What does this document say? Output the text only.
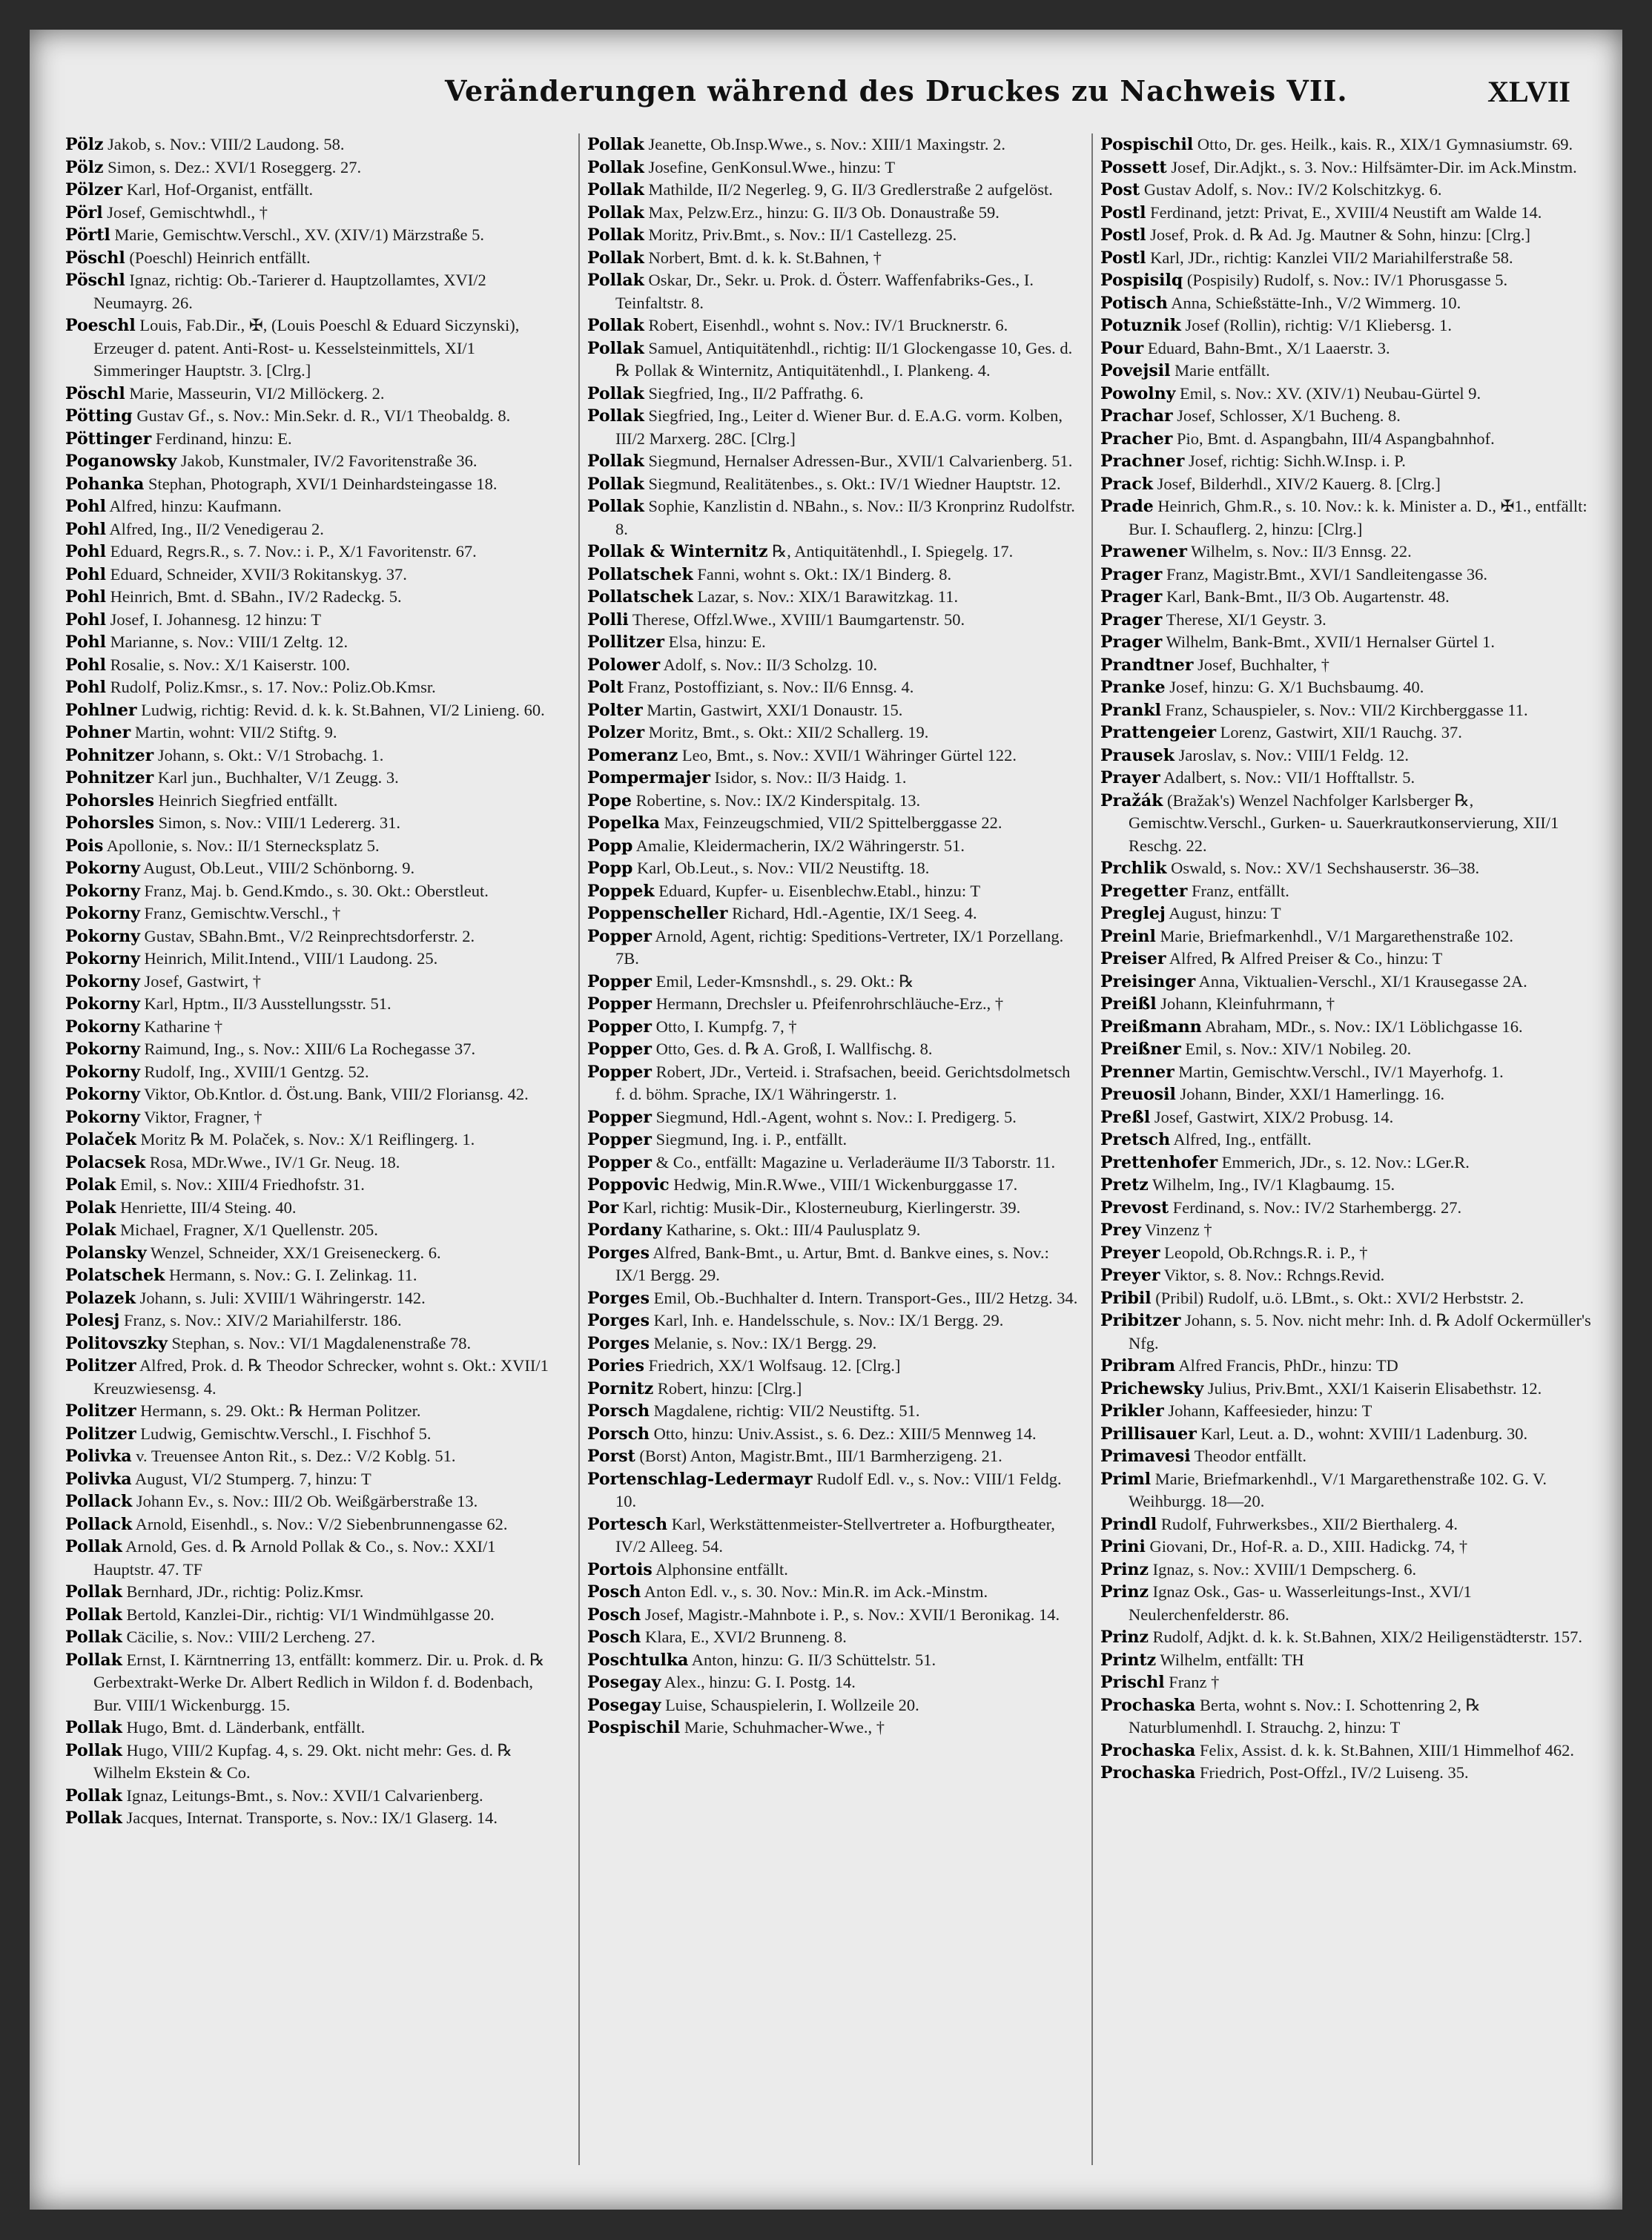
Veränderungen während des Druckes zu Nachweis VII.	XLVII

Pölz Jakob, s. Nov.: VIII/2 Laudong. 58.

Pölz Simon, s. Dez.: XVI/1 Roseggerg. 27.

Pölzer Karl, Hof-Organist, entfällt.

Pörl Josef, Gemischtwhdl., †

Pörtl Marie, Gemischtw.Verschl., XV. (XIV/1) Märzstraße 5.

Pöschl (Poeschl) Heinrich entfällt.

Pöschl Ignaz, richtig: Ob.-Tarierer d. Hauptzollamtes, XVI/2 Neumayrg. 26.

Poeschl Louis, Fab.Dir., ✠, (Louis Poeschl & Eduard Siczynski), Erzeuger d. patent. Anti-Rost- u. Kesselsteinmittels, XI/1 Simmeringer Hauptstr. 3. [Clrg.]

Pöschl Marie, Masseurin, VI/2 Millöckerg. 2.

Pötting Gustav Gf., s. Nov.: Min.Sekr. d. R., VI/1 Theobaldg. 8.

Pöttinger Ferdinand, hinzu: E.

Poganowsky Jakob, Kunstmaler, IV/2 Favoritenstraße 36.

Pohanka Stephan, Photograph, XVI/1 Deinhardsteingasse 18.

Pohl Alfred, hinzu: Kaufmann.

Pohl Alfred, Ing., II/2 Venedigerau 2.

Pohl Eduard, Regrs.R., s. 7. Nov.: i. P., X/1 Favoritenstr. 67.

Pohl Eduard, Schneider, XVII/3 Rokitanskyg. 37.

Pohl Heinrich, Bmt. d. SBahn., IV/2 Radeckg. 5.

Pohl Josef, I. Johannesg. 12 hinzu: T

Pohl Marianne, s. Nov.: VIII/1 Zeltg. 12.

Pohl Rosalie, s. Nov.: X/1 Kaiserstr. 100.

Pohl Rudolf, Poliz.Kmsr., s. 17. Nov.: Poliz.Ob.Kmsr.

Pohlner Ludwig, richtig: Revid. d. k. k. St.Bahnen, VI/2 Linieng. 60.

Pohner Martin, wohnt: VII/2 Stiftg. 9.

Pohnitzer Johann, s. Okt.: V/1 Strobachg. 1.

Pohnitzer Karl jun., Buchhalter, V/1 Zeugg. 3.

Pohorsles Heinrich Siegfried entfällt.

Pohorsles Simon, s. Nov.: VIII/1 Ledererg. 31.

Pois Apollonie, s. Nov.: II/1 Sternecksplatz 5.

Pokorny August, Ob.Leut., VIII/2 Schönborng. 9.

Pokorny Franz, Maj. b. Gend.Kmdo., s. 30. Okt.: Oberstleut.

Pokorny Franz, Gemischtw.Verschl., †

Pokorny Gustav, SBahn.Bmt., V/2 Reinprechtsdorferstr. 2.

Pokorny Heinrich, Milit.Intend., VIII/1 Laudong. 25.

Pokorny Josef, Gastwirt, †

Pokorny Karl, Hptm., II/3 Ausstellungsstr. 51.

Pokorny Katharine †

Pokorny Raimund, Ing., s. Nov.: XIII/6 La Rochegasse 37.

Pokorny Rudolf, Ing., XVIII/1 Gentzg. 52.

Pokorny Viktor, Ob.Kntlor. d. Öst.ung. Bank, VIII/2 Floriansg. 42.

Pokorny Viktor, Fragner, †

Polaček Moritz ℞ M. Polaček, s. Nov.: X/1 Reiflingerg. 1.

Polacsek Rosa, MDr.Wwe., IV/1 Gr. Neug. 18.

Polak Emil, s. Nov.: XIII/4 Friedhofstr. 31.

Polak Henriette, III/4 Steing. 40.

Polak Michael, Fragner, X/1 Quellenstr. 205.

Polansky Wenzel, Schneider, XX/1 Greiseneckerg. 6.

Polatschek Hermann, s. Nov.: G. I. Zelinkag. 11.

Polazek Johann, s. Juli: XVIII/1 Währingerstr. 142.

Polesj Franz, s. Nov.: XIV/2 Mariahilferstr. 186.

Politovszky Stephan, s. Nov.: VI/1 Magdalenenstraße 78.

Politzer Alfred, Prok. d. ℞ Theodor Schrecker, wohnt s. Okt.: XVII/1 Kreuzwiesensg. 4.

Politzer Hermann, s. 29. Okt.: ℞ Herman Politzer.

Politzer Ludwig, Gemischtw.Verschl., I. Fischhof 5.

Polivka v. Treuensee Anton Rit., s. Dez.: V/2 Koblg. 51.

Polivka August, VI/2 Stumperg. 7, hinzu: T

Pollack Johann Ev., s. Nov.: III/2 Ob. Weißgärberstraße 13.

Pollack Arnold, Eisenhdl., s. Nov.: V/2 Siebenbrunnengasse 62.

Pollak Arnold, Ges. d. ℞ Arnold Pollak & Co., s. Nov.: XXI/1 Hauptstr. 47. TF

Pollak Bernhard, JDr., richtig: Poliz.Kmsr.

Pollak Bertold, Kanzlei-Dir., richtig: VI/1 Windmühlgasse 20.

Pollak Cäcilie, s. Nov.: VIII/2 Lercheng. 27.

Pollak Ernst, I. Kärntnerring 13, entfällt: kommerz. Dir. u. Prok. d. ℞ Gerbextrakt-Werke Dr. Albert Redlich in Wildon f. d. Bodenbach, Bur. VIII/1 Wickenburgg. 15.

Pollak Hugo, Bmt. d. Länderbank, entfällt.

Pollak Hugo, VIII/2 Kupfag. 4, s. 29. Okt. nicht mehr: Ges. d. ℞ Wilhelm Ekstein & Co.

Pollak Ignaz, Leitungs-Bmt., s. Nov.: XVII/1 Calvarienberg.

Pollak Jacques, Internat. Transporte, s. Nov.: IX/1 Glaserg. 14.

Pollak Jeanette, Ob.Insp.Wwe., s. Nov.: XIII/1 Maxingstr. 2.

Pollak Josefine, GenKonsul.Wwe., hinzu: T

Pollak Mathilde, II/2 Negerleg. 9, G. II/3 Gredlerstraße 2 aufgelöst.

Pollak Max, Pelzw.Erz., hinzu: G. II/3 Ob. Donaustraße 59.

Pollak Moritz, Priv.Bmt., s. Nov.: II/1 Castellezg. 25.

Pollak Norbert, Bmt. d. k. k. St.Bahnen, †

Pollak Oskar, Dr., Sekr. u. Prok. d. Österr. Waffenfabriks-Ges., I. Teinfaltstr. 8.

Pollak Robert, Eisenhdl., wohnt s. Nov.: IV/1 Brucknerstr. 6.

Pollak Samuel, Antiquitätenhdl., richtig: II/1 Glockengasse 10, Ges. d. ℞ Pollak & Winternitz, Antiquitätenhdl., I. Plankeng. 4.

Pollak Siegfried, Ing., II/2 Paffrathg. 6.

Pollak Siegfried, Ing., Leiter d. Wiener Bur. d. E.A.G. vorm. Kolben, III/2 Marxerg. 28C. [Clrg.]

Pollak Siegmund, Hernalser Adressen-Bur., XVII/1 Calvarienberg. 51.

Pollak Siegmund, Realitätenbes., s. Okt.: IV/1 Wiedner Hauptstr. 12.

Pollak Sophie, Kanzlistin d. NBahn., s. Nov.: II/3 Kronprinz Rudolfstr. 8.

Pollak & Winternitz ℞, Antiquitätenhdl., I. Spiegelg. 17.

Pollatschek Fanni, wohnt s. Okt.: IX/1 Binderg. 8.

Pollatschek Lazar, s. Nov.: XIX/1 Barawitzkag. 11.

Polli Therese, Offzl.Wwe., XVIII/1 Baumgartenstr. 50.

Pollitzer Elsa, hinzu: E.

Polower Adolf, s. Nov.: II/3 Scholzg. 10.

Polt Franz, Postoffiziant, s. Nov.: II/6 Ennsg. 4.

Polter Martin, Gastwirt, XXI/1 Donaustr. 15.

Polzer Moritz, Bmt., s. Okt.: XII/2 Schallerg. 19.

Pomeranz Leo, Bmt., s. Nov.: XVII/1 Währinger Gürtel 122.

Pompermajer Isidor, s. Nov.: II/3 Haidg. 1.

Pope Robertine, s. Nov.: IX/2 Kinderspitalg. 13.

Popelka Max, Feinzeugschmied, VII/2 Spittelberggasse 22.

Popp Amalie, Kleidermacherin, IX/2 Währingerstr. 51.

Popp Karl, Ob.Leut., s. Nov.: VII/2 Neustiftg. 18.

Poppek Eduard, Kupfer- u. Eisenblechw.Etabl., hinzu: T

Poppenscheller Richard, Hdl.-Agentie, IX/1 Seeg. 4.

Popper Arnold, Agent, richtig: Speditions-Vertreter, IX/1 Porzellang. 7B.

Popper Emil, Leder-Kmsnshdl., s. 29. Okt.: ℞

Popper Hermann, Drechsler u. Pfeifenrohrschläuche-Erz., †

Popper Otto, I. Kumpfg. 7, †

Popper Otto, Ges. d. ℞ A. Groß, I. Wallfischg. 8.

Popper Robert, JDr., Verteid. i. Strafsachen, beeid. Gerichtsdolmetsch f. d. böhm. Sprache, IX/1 Währingerstr. 1.

Popper Siegmund, Hdl.-Agent, wohnt s. Nov.: I. Predigerg. 5.

Popper Siegmund, Ing. i. P., entfällt.

Popper & Co., entfällt: Magazine u. Verladeräume II/3 Taborstr. 11.

Poppovic Hedwig, Min.R.Wwe., VIII/1 Wickenburggasse 17.

Por Karl, richtig: Musik-Dir., Klosterneuburg, Kierlingerstr. 39.

Pordany Katharine, s. Okt.: III/4 Paulusplatz 9.

Porges Alfred, Bank-Bmt., u. Artur, Bmt. d. Bankve eines, s. Nov.: IX/1 Bergg. 29.

Porges Emil, Ob.-Buchhalter d. Intern. Transport-Ges., III/2 Hetzg. 34.

Porges Karl, Inh. e. Handelsschule, s. Nov.: IX/1 Bergg. 29.

Porges Melanie, s. Nov.: IX/1 Bergg. 29.

Pories Friedrich, XX/1 Wolfsaug. 12. [Clrg.]

Pornitz Robert, hinzu: [Clrg.]

Porsch Magdalene, richtig: VII/2 Neustiftg. 51.

Porsch Otto, hinzu: Univ.Assist., s. 6. Dez.: XIII/5 Mennweg 14.

Porst (Borst) Anton, Magistr.Bmt., III/1 Barmherzigeng. 21.

Portenschlag-Ledermayr Rudolf Edl. v., s. Nov.: VIII/1 Feldg. 10.

Portesch Karl, Werkstättenmeister-Stellvertreter a. Hofburgtheater, IV/2 Alleeg. 54.

Portois Alphonsine entfällt.

Posch Anton Edl. v., s. 30. Nov.: Min.R. im Ack.-Minstm.

Posch Josef, Magistr.-Mahnbote i. P., s. Nov.: XVII/1 Beronikag. 14.

Posch Klara, E., XVI/2 Brunneng. 8.

Poschtulka Anton, hinzu: G. II/3 Schüttelstr. 51.

Posegay Alex., hinzu: G. I. Postg. 14.

Posegay Luise, Schauspielerin, I. Wollzeile 20.

Pospischil Marie, Schuhmacher-Wwe., †

Pospischil Otto, Dr. ges. Heilk., kais. R., XIX/1 Gymnasiumstr. 69.

Possett Josef, Dir.Adjkt., s. 3. Nov.: Hilfsämter-Dir. im Ack.Minstm.

Post Gustav Adolf, s. Nov.: IV/2 Kolschitzkyg. 6.

Postl Ferdinand, jetzt: Privat, E., XVIII/4 Neustift am Walde 14.

Postl Josef, Prok. d. ℞ Ad. Jg. Mautner & Sohn, hinzu: [Clrg.]

Postl Karl, JDr., richtig: Kanzlei VII/2 Mariahilferstraße 58.

Pospisilq (Pospisily) Rudolf, s. Nov.: IV/1 Phorusgasse 5.

Potisch Anna, Schießstätte-Inh., V/2 Wimmerg. 10.

Potuznik Josef (Rollin), richtig: V/1 Kliebersg. 1.

Pour Eduard, Bahn-Bmt., X/1 Laaerstr. 3.

Povejsil Marie entfällt.

Powolny Emil, s. Nov.: XV. (XIV/1) Neubau-Gürtel 9.

Prachar Josef, Schlosser, X/1 Bucheng. 8.

Pracher Pio, Bmt. d. Aspangbahn, III/4 Aspangbahnhof.

Prachner Josef, richtig: Sichh.W.Insp. i. P.

Prack Josef, Bilderhdl., XIV/2 Kauerg. 8. [Clrg.]

Prade Heinrich, Ghm.R., s. 10. Nov.: k. k. Minister a. D., ✠1., entfällt: Bur. I. Schauflerg. 2, hinzu: [Clrg.]

Prawener Wilhelm, s. Nov.: II/3 Ennsg. 22.

Prager Franz, Magistr.Bmt., XVI/1 Sandleitengasse 36.

Prager Karl, Bank-Bmt., II/3 Ob. Augartenstr. 48.

Prager Therese, XI/1 Geystr. 3.

Prager Wilhelm, Bank-Bmt., XVII/1 Hernalser Gürtel 1.

Prandtner Josef, Buchhalter, †

Pranke Josef, hinzu: G. X/1 Buchsbaumg. 40.

Prankl Franz, Schauspieler, s. Nov.: VII/2 Kirchberggasse 11.

Prattengeier Lorenz, Gastwirt, XII/1 Rauchg. 37.

Prausek Jaroslav, s. Nov.: VIII/1 Feldg. 12.

Prayer Adalbert, s. Nov.: VII/1 Hofftallstr. 5.

Pražák (Bražak's) Wenzel Nachfolger Karlsberger ℞, Gemischtw.Verschl., Gurken- u. Sauerkrautkonservierung, XII/1 Reschg. 22.

Prchlik Oswald, s. Nov.: XV/1 Sechshauserstr. 36–38.

Pregetter Franz, entfällt.

Preglej August, hinzu: T

Preinl Marie, Briefmarkenhdl., V/1 Margarethenstraße 102.

Preiser Alfred, ℞ Alfred Preiser & Co., hinzu: T

Preisinger Anna, Viktualien-Verschl., XI/1 Krausegasse 2A.

Preißl Johann, Kleinfuhrmann, †

Preißmann Abraham, MDr., s. Nov.: IX/1 Löblichgasse 16.

Preißner Emil, s. Nov.: XIV/1 Nobileg. 20.

Prenner Martin, Gemischtw.Verschl., IV/1 Mayerhofg. 1.

Preuosil Johann, Binder, XXI/1 Hamerlingg. 16.

Preßl Josef, Gastwirt, XIX/2 Probusg. 14.

Pretsch Alfred, Ing., entfällt.

Prettenhofer Emmerich, JDr., s. 12. Nov.: LGer.R.

Pretz Wilhelm, Ing., IV/1 Klagbaumg. 15.

Prevost Ferdinand, s. Nov.: IV/2 Starhembergg. 27.

Prey Vinzenz †

Preyer Leopold, Ob.Rchngs.R. i. P., †

Preyer Viktor, s. 8. Nov.: Rchngs.Revid.

Pribil (Pribil) Rudolf, u.ö. LBmt., s. Okt.: XVI/2 Herbststr. 2.

Pribitzer Johann, s. 5. Nov. nicht mehr: Inh. d. ℞ Adolf Ockermüller's Nfg.

Pribram Alfred Francis, PhDr., hinzu: TD

Prichewsky Julius, Priv.Bmt., XXI/1 Kaiserin Elisabethstr. 12.

Prikler Johann, Kaffeesieder, hinzu: T

Prillisauer Karl, Leut. a. D., wohnt: XVIII/1 Ladenburg. 30.

Primavesi Theodor entfällt.

Priml Marie, Briefmarkenhdl., V/1 Margarethenstraße 102. G. V. Weihburgg. 18—20.

Prindl Rudolf, Fuhrwerksbes., XII/2 Bierthalerg. 4.

Prini Giovani, Dr., Hof-R. a. D., XIII. Hadickg. 74, †

Prinz Ignaz, s. Nov.: XVIII/1 Dempscherg. 6.

Prinz Ignaz Osk., Gas- u. Wasserleitungs-Inst., XVI/1 Neulerchenfelderstr. 86.

Prinz Rudolf, Adjkt. d. k. k. St.Bahnen, XIX/2 Heiligenstädterstr. 157.

Printz Wilhelm, entfällt: TH

Prischl Franz †

Prochaska Berta, wohnt s. Nov.: I. Schottenring 2, ℞ Naturblumenhdl. I. Strauchg. 2, hinzu: T

Prochaska Felix, Assist. d. k. k. St.Bahnen, XIII/1 Himmelhof 462.

Prochaska Friedrich, Post-Offzl., IV/2 Luiseng. 35.
